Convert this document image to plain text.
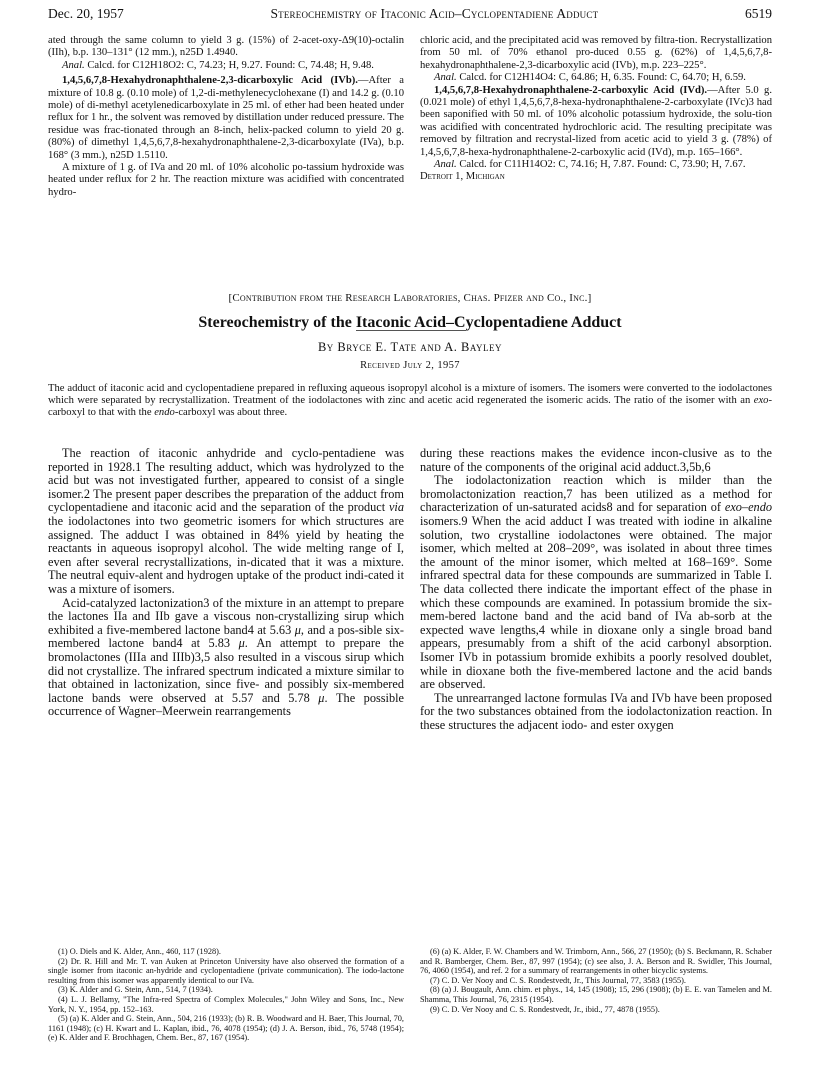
Dec. 20, 1957	Stereochemistry of Itaconic Acid–Cyclopentadiene Adduct	6519

ated through the same column to yield 3 g. (15%) of 2-acet-oxy-Δ9(10)-octalin (IIh), b.p. 130–131° (12 mm.), n25D 1.4940.

Anal. Calcd. for C12H18O2: C, 74.23; H, 9.27. Found: C, 74.48; H, 9.48.

1,4,5,6,7,8-Hexahydronaphthalene-2,3-dicarboxylic Acid (IVb).—After a mixture of 10.8 g. (0.10 mole) of 1,2-di-methylenecyclohexane (I) and 14.2 g. (0.10 mole) of di-methyl acetylenedicarboxylate in 25 ml. of ether had been heated under reflux for 1 hr., the solvent was removed by distillation under reduced pressure. The residue was frac-tionated through an 8-inch, helix-packed column to yield 20 g. (80%) of dimethyl 1,4,5,6,7,8-hexahydronaphthalene-2,3-dicarboxylate (IVa), b.p. 168° (3 mm.), n25D 1.5110.

A mixture of 1 g. of IVa and 20 ml. of 10% alcoholic po-tassium hydroxide was heated under reflux for 2 hr. The reaction mixture was acidified with concentrated hydro-

chloric acid, and the precipitated acid was removed by filtra-tion. Recrystallization from 50 ml. of 70% ethanol pro-duced 0.55 g. (62%) of 1,4,5,6,7,8-hexahydronaphthalene-2,3-dicarboxylic acid (IVb), m.p. 223–225°.

Anal. Calcd. for C12H14O4: C, 64.86; H, 6.35. Found: C, 64.70; H, 6.59.

1,4,5,6,7,8-Hexahydronaphthalene-2-carboxylic Acid (IVd).—After 5.0 g. (0.021 mole) of ethyl 1,4,5,6,7,8-hexa-hydronaphthalene-2-carboxylate (IVc)3 had been saponified with 50 ml. of 10% alcoholic potassium hydroxide, the solu-tion was acidified with concentrated hydrochloric acid. The resulting precipitate was removed by filtration and recrystal-lized from acetic acid to yield 3 g. (78%) of 1,4,5,6,7,8-hexa-hydronaphthalene-2-carboxylic acid (IVd), m.p. 165–166°.

Anal. Calcd. for C11H14O2: C, 74.16; H, 7.87. Found: C, 73.90; H, 7.67.

Detroit 1, Michigan

[Contribution from the Research Laboratories, Chas. Pfizer and Co., Inc.]
Stereochemistry of the Itaconic Acid–Cyclopentadiene Adduct
By Bryce E. Tate and A. Bayley
Received July 2, 1957
The adduct of itaconic acid and cyclopentadiene prepared in refluxing aqueous isopropyl alcohol is a mixture of isomers. The isomers were converted to the iodolactones which were separated by recrystallization. Treatment of the iodolactones with zinc and acetic acid regenerated the isomeric acids. The ratio of the isomer with an exo-carboxyl to that with the endo-carboxyl was about three.

The reaction of itaconic anhydride and cyclo-pentadiene was reported in 1928.1 The resulting adduct, which was hydrolyzed to the acid but was not investigated further, appeared to consist of a single isomer.2 The present paper describes the preparation of the adduct from cyclopentadiene and itaconic acid and the separation of the product via the iodolactones into two geometric isomers for which structures are assigned. The adduct I was obtained in 84% yield by heating the reactants in aqueous isopropyl alcohol. The wide melting range of I, even after several recrystallizations, in-dicated that it was a mixture. The neutral equiv-alent and hydrogen uptake of the product indi-cated it was a mixture of isomers.

Acid-catalyzed lactonization3 of the mixture in an attempt to prepare the lactones IIa and IIb gave a viscous non-crystallizing sirup which exhibited a five-membered lactone band4 at 5.63 μ, and a pos-sible six-membered lactone band4 at 5.83 μ. An attempt to prepare the bromolactones (IIIa and IIIb)3,5 also resulted in a viscous sirup which did not crystallize. The infrared spectrum indicated a mixture similar to that obtained in lactonization, since five- and possibly six-membered lactone bands were observed at 5.57 and 5.78 μ. The possible occurrence of Wagner–Meerwein rearrangements

during these reactions makes the evidence incon-clusive as to the nature of the components of the original acid adduct.3,5b,6

The iodolactonization reaction which is milder than the bromolactonization reaction,7 has been utilized as a method for characterization of un-saturated acids8 and for separation of exo–endo isomers.9 When the acid adduct I was treated with iodine in alkaline solution, two crystalline iodolactones were obtained. The major isomer, which melted at 208–209°, was isolated in about three times the amount of the minor isomer, which melted at 168–169°. Some infrared spectral data for these compounds are summarized in Table I. The data collected there indicate the important effect of the phase in which these compounds are examined. In potassium bromide the six-mem-bered lactone band and the acid band of IVa ab-sorb at the expected wave lengths,4 while in dioxane only a single broad band appears, presumably from a shift of the acid carbonyl absorption. Isomer IVb in potassium bromide exhibits a poorly resolved doublet, while in dioxane both the five-membered lactone and the acid bands are observed.

The unrearranged lactone formulas IVa and IVb have been proposed for the two substances obtained from the iodolactonization reaction. In these structures the adjacent iodo- and ester oxygen

(1) O. Diels and K. Alder, Ann., 460, 117 (1928).

(2) Dr. R. Hill and Mr. T. van Auken at Princeton University have also observed the formation of a single isomer from itaconic an-hydride and cyclopentadiene (private communication). The iodo-lactone resulting from this isomer was apparently identical to our IVa.

(3) K. Alder and G. Stein, Ann., 514, 7 (1934).

(4) L. J. Bellamy, "The Infra-red Spectra of Complex Molecules," John Wiley and Sons, Inc., New York, N. Y., 1954, pp. 152–163.

(5) (a) K. Alder and G. Stein, Ann., 504, 216 (1933); (b) R. B. Woodward and H. Baer, This Journal, 70, 1161 (1948); (c) H. Kwart and L. Kaplan, ibid., 76, 4078 (1954); (d) J. A. Berson, ibid., 76, 5748 (1954); (e) K. Alder and F. Brochhagen, Chem. Ber., 87, 167 (1954).

(6) (a) K. Alder, F. W. Chambers and W. Trimborn, Ann., 566, 27 (1950); (b) S. Beckmann, R. Schaber and R. Bamberger, Chem. Ber., 87, 997 (1954); (c) see also, J. A. Berson and R. Swidler, This Journal, 76, 4060 (1954), and ref. 2 for a summary of rearrangements in other bicyclic systems.

(7) C. D. Ver Nooy and C. S. Rondestvedt, Jr., This Journal, 77, 3583 (1955).

(8) (a) J. Bougault, Ann. chim. et phys., 14, 145 (1908); 15, 296 (1908); (b) E. E. van Tamelen and M. Shamma, This Journal, 76, 2315 (1954).

(9) C. D. Ver Nooy and C. S. Rondestvedt, Jr., ibid., 77, 4878 (1955).
